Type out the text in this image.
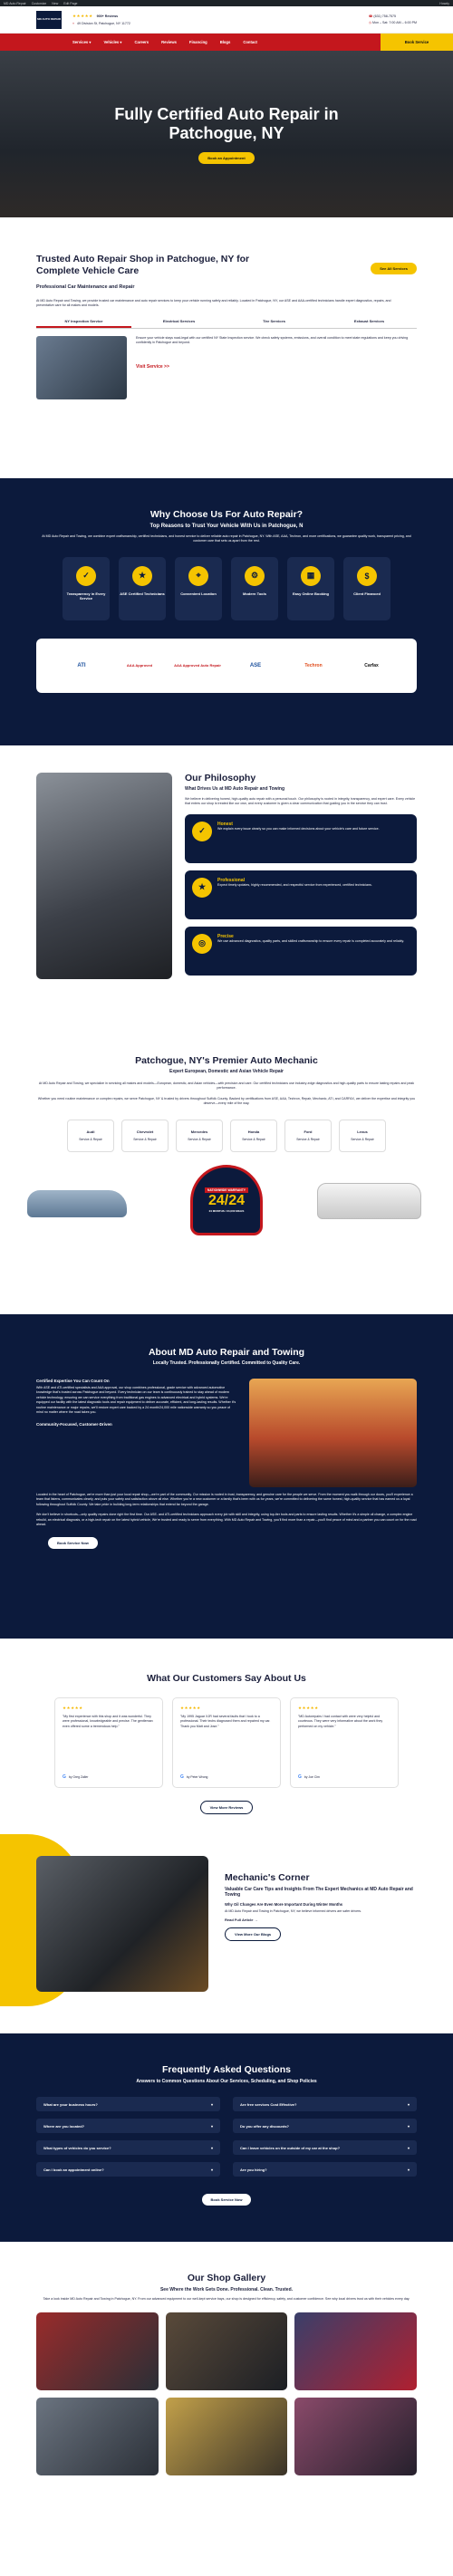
MD Auto Repair Customize New Edit Page	Howdy
MD AUTO REPAIR
★★★★★ 900+ Reviews
⌖ 49 Division St, Patchogue, NY 11772
☎ (631) 758-7575
◷ Mon – Sat: 7:00 AM – 6:00 PM
Services ▾	Vehicles ▾	Careers	Reviews	Financing	Blogs	Contact	Book Service
Fully Certified Auto Repair in Patchogue, NY
Book an Appointment
Trusted Auto Repair Shop in Patchogue, NY for Complete Vehicle Care	See All Services
Professional Car Maintenance and Repair

At MD Auto Repair and Towing, we provide trusted car maintenance and auto repair services to keep your vehicle running safely and reliably. Located in Patchogue, NY, our ASE and AAA-certified technicians handle expert diagnostics, repairs, and preventative care for all makes and models.

NY Inspection Service	Electrical Services	Tire Services	Exhaust Services

Ensure your vehicle stays road-legal with our certified NY State Inspection service. We check safety systems, emissions, and overall condition to meet state regulations and keep you driving confidently in Patchogue and beyond.

Visit Service >>
Why Choose Us For Auto Repair?
Top Reasons to Trust Your Vehicle With Us in Patchogue, N

At MD Auto Repair and Towing, we combine expert craftsmanship, certified technicians, and honest service to deliver reliable auto repair in Patchogue, NY. With ASE, AAA, Techron, and more certifications, we guarantee quality work, transparent pricing, and customer care that sets us apart from the rest.

✓
Transparency in Every Service
★
ASE Certified Technicians
⌖
Convenient Location
⚙
Modern Tools
▦
Easy Online Booking
$
Client Financed
ATI	AAA Approved	AAA Approved Auto Repair	ASE	Techron	Carfax
Our Philosophy
What Drives Us at MD Auto Repair and Towing

We believe in delivering honest, high-quality auto repair with a personal touch. Our philosophy is rooted in integrity, transparency, and expert care. Every vehicle that enters our shop is treated like our own, and every customer is given a clear communication that guiding you in the service they can trust.

✓
Honest

We explain every issue clearly so you can make informed decisions about your vehicle's care and future service.

★
Professional

Expect timely updates, highly recommended, and respectful service from experienced, certified technicians.

◎
Precise

We use advanced diagnostics, quality parts, and skilled craftsmanship to ensure every repair is completed accurately and reliably.

Patchogue, NY's Premier Auto Mechanic
Expert European, Domestic and Asian Vehicle Repair

At MD Auto Repair and Towing, we specialize in servicing all makes and models—European, domestic, and Asian vehicles—with precision and care. Our certified technicians use industry-edge diagnostics and high-quality parts to ensure lasting repairs and peak performance.

Whether you need routine maintenance or complex repairs, we serve Patchogue, NY & trusted by drivers throughout Suffolk County. Backed by certifications from ASE, AAA, Techron, Repair, Mechanic, ATI, and CARFAX, we deliver the expertise and integrity you deserve—every mile of the way.

Audi
Service & Repair
Chevrolet
Service & Repair
Mercedes
Service & Repair
Honda
Service & Repair
Ford
Service & Repair
Lexus
Service & Repair
NATIONWIDE WARRANTY
24/24
24 MONTHS / 24,000 MILES
About MD Auto Repair and Towing
Locally Trusted. Professionally Certified. Committed to Quality Care.
Certified Expertise You Can Count On

With ASE and ATI-certified specialists and AAA approval, our shop combines professional, grade service with advanced automotive knowledge that's trusted across Patchogue and beyond. Every technician on our team is continuously trained to stay ahead of modern vehicle technology, ensuring we can service everything from traditional gas engines to advanced electrical and hybrid systems. We're equipped our facility with the latest diagnostic tools and repair equipment to deliver accurate, efficient, and long-lasting results. Whether it's routine maintenance or major repairs, we'll restore expert care backed by a 24 month/24,000 mile nationwide warranty so you peace of mind no matter where the road takes you.

Community-Focused, Customer-Driven

Located in the heart of Patchogue, we're more than just your local repair shop—we're part of the community. Our mission is rooted in trust, transparency, and genuine care for the people we serve. From the moment you walk through our doors, you'll experience a team that listens, communicates clearly, and puts your safety and satisfaction above all else. Whether you're a new customer or a family that's been with us for years, we're committed to delivering the same honest, high-quality service that has earned us a loyal following throughout Suffolk County. We take pride in building long-term relationships that extend far beyond the garage.

We don't believe in shortcuts—only quality repairs done right the first time. Our ASE- and ATI-certified technicians approach every job with skill and integrity, using top-tier tools and parts to ensure lasting results. Whether it's a simple oil change, a complex engine rebuild, an electrical diagnosis, or a high-tech repair on the latest hybrid vehicle, We're trusted and ready to serve from everything. With MD Auto Repair and Towing, you'll find more than a repair—you'll find peace of mind and a partner you can count on for the road ahead.

Book Service Now
What Our Customers Say About Us
★★★★★

"My first experience with this shop and it was wonderful. They were professional, knowledgeable and precise. The gentleman even offered some a tremendous help."

G by Greg Zaller
★★★★★

"My 1995 Jaguar XJR had several faults that I took to a professional. Their techs diagnosed them and repaired my car. Thank you Matt and Jose."

G by Peter Wrong
★★★★★

"MD Autorepairs I had contact with were very helpful and courteous. They were very informative about the work they performed on my vehicle."

G by Joe Cim
View More Reviews
Mechanic's Corner
Valuable Car Care Tips and Insights From The Expert Mechanics at MD Auto Repair and Towing
Why Oil Changes Are Even More Important During Winter Months

At MD Auto Repair and Towing in Patchogue, NY, we believe informed drivers are safer drivers.

Read Full Article →
View More Our Blogs
Frequently Asked Questions
Answers to Common Questions About Our Services, Scheduling, and Shop Policies
What are your business hours?	▾	Are free services Cost Effective?	▾
Where are you located?	▾	Do you offer any discounts?	▾
What types of vehicles do you service?	▾	Can I leave vehicles on the outside of my car at the shop?	▾
Can I book an appointment online?	▾	Are you hiring?	▾
Book Service Now
Our Shop Gallery
See Where the Work Gets Done. Professional. Clean. Trusted.

Take a look inside MD Auto Repair and Towing in Patchogue, NY. From our advanced equipment to our well-kept service bays, our shop is designed for efficiency, safety, and customer confidence. See why local drivers trust us with their vehicles every day.
